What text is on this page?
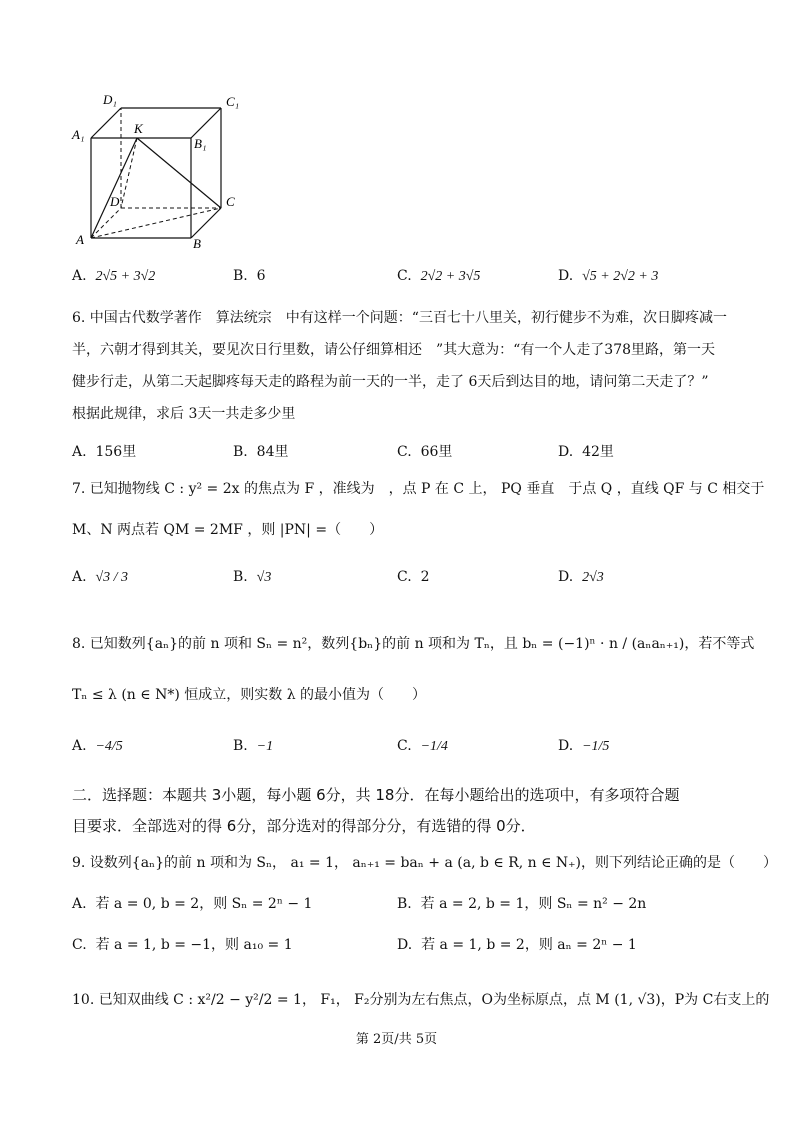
D₁	C₁
A₁	K
B₁
D	C
A	B
A. 2√5 + 3√2	B. 6	C. 2√2 + 3√5	D. √5 + 2√2 + 3
6. 中国古代数学著作　算法统宗　中有这样一个问题：“三百七十八里关，初行健步不为难，次日脚疼减一
半，六朝才得到其关，要见次日行里数，请公仔细算相还　”其大意为：“有一个人走了378里路，第一天
健步行走，从第二天起脚疼每天走的路程为前一天的一半，走了 6天后到达目的地，请问第二天走了？”
根据此规律，求后 3天一共走多少里
A. 156里	B. 84里	C. 66里	D. 42里
7. 已知抛物线 C : y² = 2x 的焦点为 F ，准线为　，点 P 在 C 上， PQ 垂直　于点 Q ，直线 QF 与 C 相交于
M、N 两点若 QM = 2MF ，则 |PN| =（　　）
A. √3 / 3	B. √3	C. 2	D. 2√3
8. 已知数列{aₙ}的前 n 项和 Sₙ = n²，数列{bₙ}的前 n 项和为 Tₙ，且 bₙ = (−1)ⁿ · n / (aₙaₙ₊₁)，若不等式
Tₙ ≤ λ (n ∈ N*) 恒成立，则实数 λ 的最小值为（　　）
A. −4/5	B. −1	C. −1/4	D. −1/5
二．选择题：本题共 3小题，每小题 6分，共 18分．在每小题给出的选项中，有多项符合题
目要求．全部选对的得 6分，部分选对的得部分分，有选错的得 0分．
9. 设数列{aₙ}的前 n 项和为 Sₙ， a₁ = 1， aₙ₊₁ = baₙ + a (a, b ∈ R, n ∈ N₊)，则下列结论正确的是（　　）
A. 若 a = 0, b = 2，则 Sₙ = 2ⁿ − 1	B. 若 a = 2, b = 1，则 Sₙ = n² − 2n
C. 若 a = 1, b = −1，则 a₁₀ = 1	D. 若 a = 1, b = 2，则 aₙ = 2ⁿ − 1
10. 已知双曲线 C : x²/2 − y²/2 = 1， F₁， F₂分别为左右焦点，O为坐标原点，点 M (1, √3)，P为 C右支上的
第 2页/共 5页
